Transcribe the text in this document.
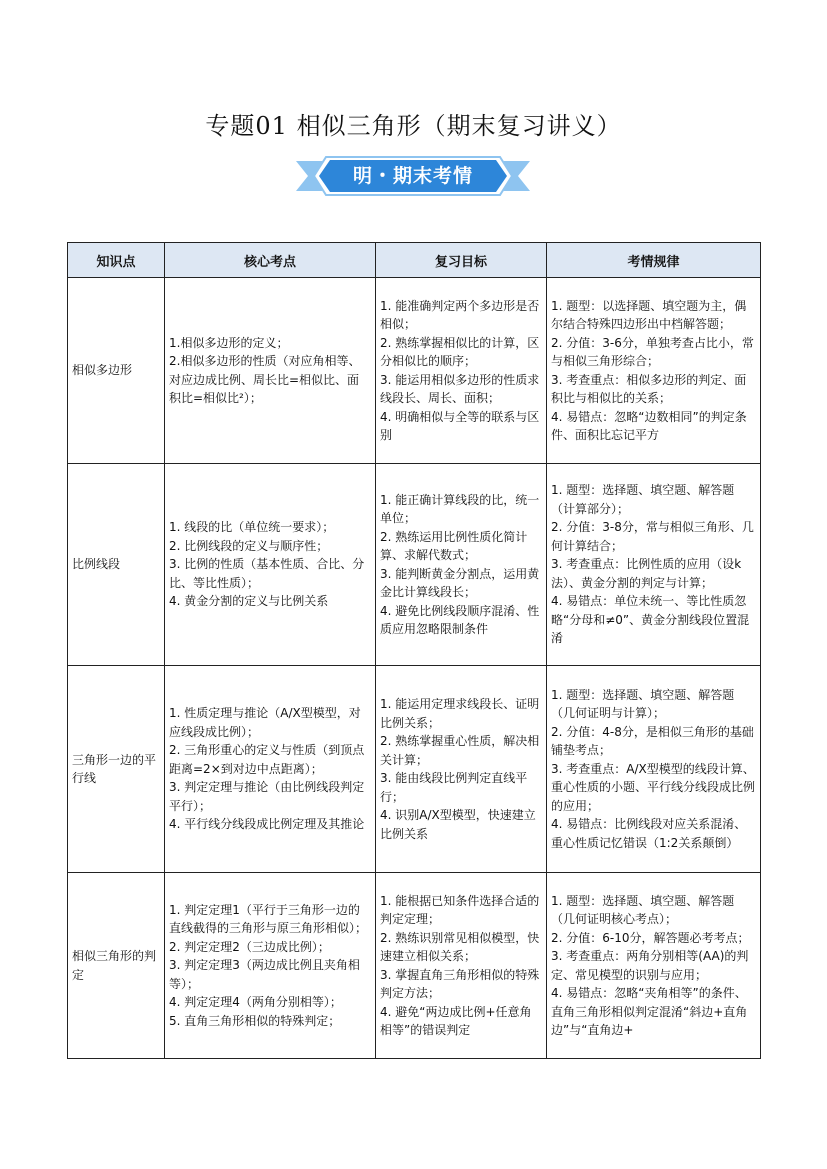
专题01 相似三角形（期末复习讲义）
明・期末考情
知识点	核心考点	复习目标	考情规律
相似多边形	1.相似多边形的定义；
2.相似多边形的性质（对应角相等、对应边成比例、周长比=相似比、面积比=相似比²）；	1. 能准确判定两个多边形是否相似；
2. 熟练掌握相似比的计算，区分相似比的顺序；
3. 能运用相似多边形的性质求线段长、周长、面积；
4. 明确相似与全等的联系与区别	1. 题型：以选择题、填空题为主，偶尔结合特殊四边形出中档解答题；
2. 分值：3-6分，单独考查占比小，常与相似三角形综合；
3. 考查重点：相似多边形的判定、面积比与相似比的关系；
4. 易错点：忽略“边数相同”的判定条件、面积比忘记平方

比例线段	1. 线段的比（单位统一要求）；
2. 比例线段的定义与顺序性；
3. 比例的性质（基本性质、合比、分比、等比性质）；
4. 黄金分割的定义与比例关系	1. 能正确计算线段的比，统一单位；
2. 熟练运用比例性质化简计算、求解代数式；
3. 能判断黄金分割点，运用黄金比计算线段长；
4. 避免比例线段顺序混淆、性质应用忽略限制条件	1. 题型：选择题、填空题、解答题（计算部分）；
2. 分值：3-8分，常与相似三角形、几何计算结合；
3. 考查重点：比例性质的应用（设k法）、黄金分割的判定与计算；
4. 易错点：单位未统一、等比性质忽略“分母和≠0”、黄金分割线段位置混淆

三角形一边的平行线	1. 性质定理与推论（A/X型模型，对应线段成比例）；
2. 三角形重心的定义与性质（到顶点距离=2×到对边中点距离）；
3. 判定定理与推论（由比例线段判定平行）；
4. 平行线分线段成比例定理及其推论	1. 能运用定理求线段长、证明比例关系；
2. 熟练掌握重心性质，解决相关计算；
3. 能由线段比例判定直线平行；
4. 识别A/X型模型，快速建立比例关系	1. 题型：选择题、填空题、解答题（几何证明与计算）；
2. 分值：4-8分，是相似三角形的基础铺垫考点；
3. 考查重点：A/X型模型的线段计算、重心性质的小题、平行线分线段成比例的应用；
4. 易错点：比例线段对应关系混淆、重心性质记忆错误（1:2关系颠倒）

相似三角形的判定	1. 判定定理1（平行于三角形一边的直线截得的三角形与原三角形相似）；
2. 判定定理2（三边成比例）；
3. 判定定理3（两边成比例且夹角相等）；
4. 判定定理4（两角分别相等）；
5. 直角三角形相似的特殊判定；	1. 能根据已知条件选择合适的判定定理；
2. 熟练识别常见相似模型，快速建立相似关系；
3. 掌握直角三角形相似的特殊判定方法；
4. 避免“两边成比例+任意角相等”的错误判定	1. 题型：选择题、填空题、解答题（几何证明核心考点）；
2. 分值：6-10分，解答题必考考点；
3. 考查重点：两角分别相等(AA)的判定、常见模型的识别与应用；
4. 易错点：忽略“夹角相等”的条件、直角三角形相似判定混淆“斜边+直角边”与“直角边+
